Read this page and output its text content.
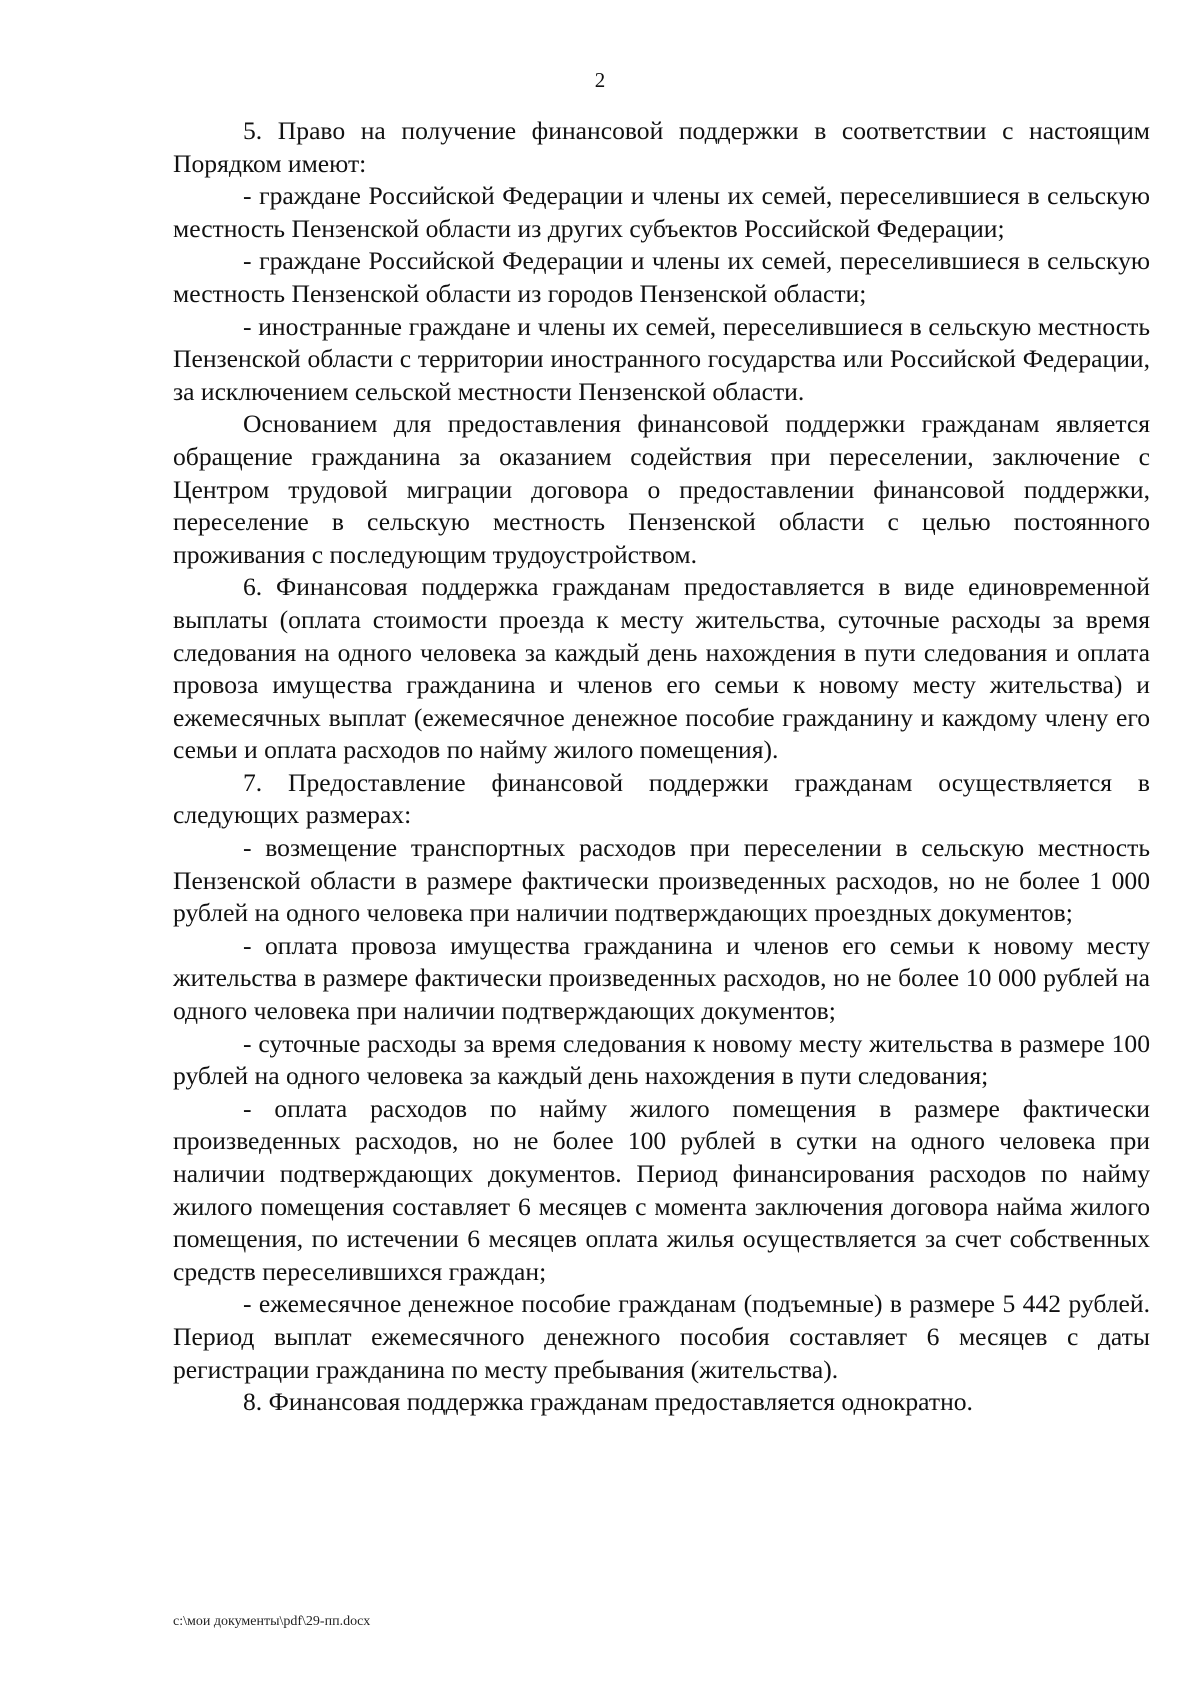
2

5. Право на получение финансовой поддержки в соответствии с настоящим Порядком имеют:

- граждане Российской Федерации и члены их семей, переселившиеся в сельскую местность Пензенской области из других субъектов Российской Федерации;

- граждане Российской Федерации и члены их семей, переселившиеся в сельскую местность Пензенской области из городов Пензенской области;

- иностранные граждане и члены их семей, переселившиеся в сельскую местность Пензенской области с территории иностранного государства или Российской Федерации, за исключением сельской местности Пензенской области.

Основанием для предоставления финансовой поддержки гражданам является обращение гражданина за оказанием содействия при переселении, заключение с Центром трудовой миграции договора о предоставлении финансовой поддержки, переселение в сельскую местность Пензенской области с целью постоянного проживания с последующим трудоустройством.

6. Финансовая поддержка гражданам предоставляется в виде единовременной выплаты (оплата стоимости проезда к месту жительства, суточные расходы за время следования на одного человека за каждый день нахождения в пути следования и оплата провоза имущества гражданина и членов его семьи к новому месту жительства) и ежемесячных выплат (ежемесячное денежное пособие гражданину и каждому члену его семьи и оплата расходов по найму жилого помещения).

7. Предоставление финансовой поддержки гражданам осуществляется в следующих размерах:

- возмещение транспортных расходов при переселении в сельскую местность Пензенской области в размере фактически произведенных расходов, но не более 1 000 рублей на одного человека при наличии подтверждающих проездных документов;

- оплата провоза имущества гражданина и членов его семьи к новому месту жительства в размере фактически произведенных расходов, но не более 10 000 рублей на одного человека при наличии подтверждающих документов;

- суточные расходы за время следования к новому месту жительства в размере 100 рублей на одного человека за каждый день нахождения в пути следования;

- оплата расходов по найму жилого помещения в размере фактически произведенных расходов, но не более 100 рублей в сутки на одного человека при наличии подтверждающих документов. Период финансирования расходов по найму жилого помещения составляет 6 месяцев с момента заключения договора найма жилого помещения, по истечении 6 месяцев оплата жилья осуществляется за счет собственных средств переселившихся граждан;

- ежемесячное денежное пособие гражданам (подъемные) в размере 5 442 рублей. Период выплат ежемесячного денежного пособия составляет 6 месяцев с даты регистрации гражданина по месту пребывания (жительства).

8. Финансовая поддержка гражданам предоставляется однократно.

c:\мои документы\pdf\29-пп.docx
